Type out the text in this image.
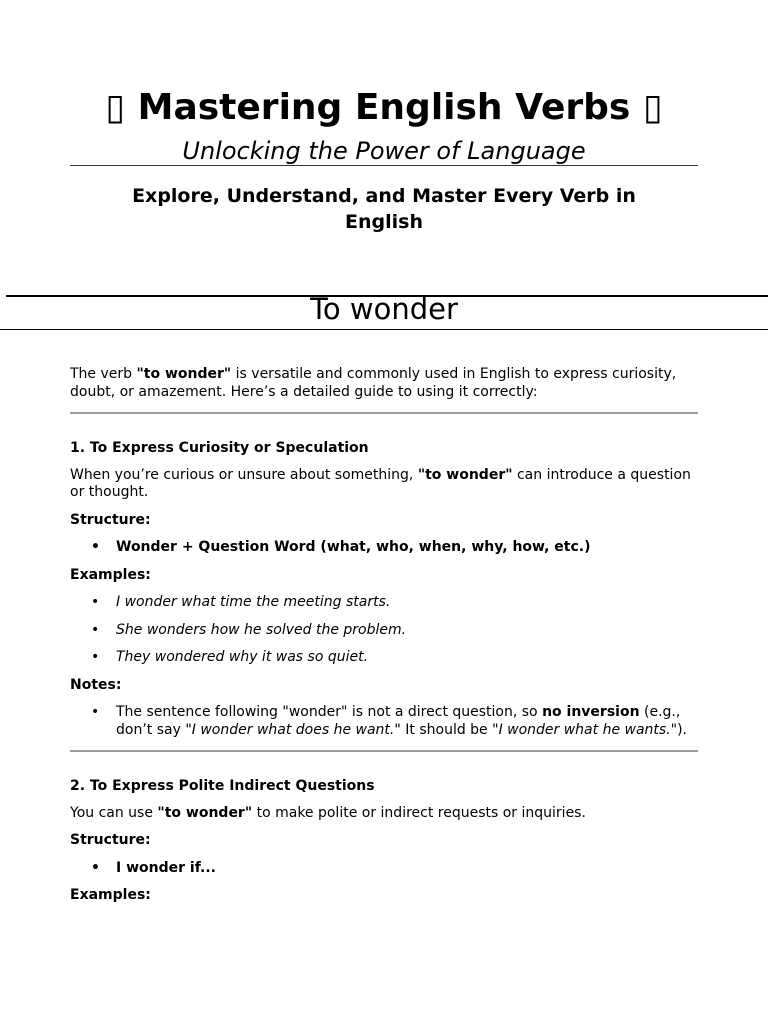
▯ Mastering English Verbs ▯
Unlocking the Power of Language
Explore, Understand, and Master Every Verb in English
To wonder

The verb "to wonder" is versatile and commonly used in English to express curiosity, doubt, or amazement. Here’s a detailed guide to using it correctly:

1. To Express Curiosity or Speculation

When you’re curious or unsure about something, "to wonder" can introduce a question or thought.

Structure:

• Wonder + Question Word (what, who, when, why, how, etc.)

Examples:

• I wonder what time the meeting starts.
• She wonders how he solved the problem.
• They wondered why it was so quiet.

Notes:

• The sentence following "wonder" is not a direct question, so no inversion (e.g., don’t say "I wonder what does he want." It should be "I wonder what he wants.").

2. To Express Polite Indirect Questions

You can use "to wonder" to make polite or indirect requests or inquiries.

Structure:

• I wonder if...

Examples:
